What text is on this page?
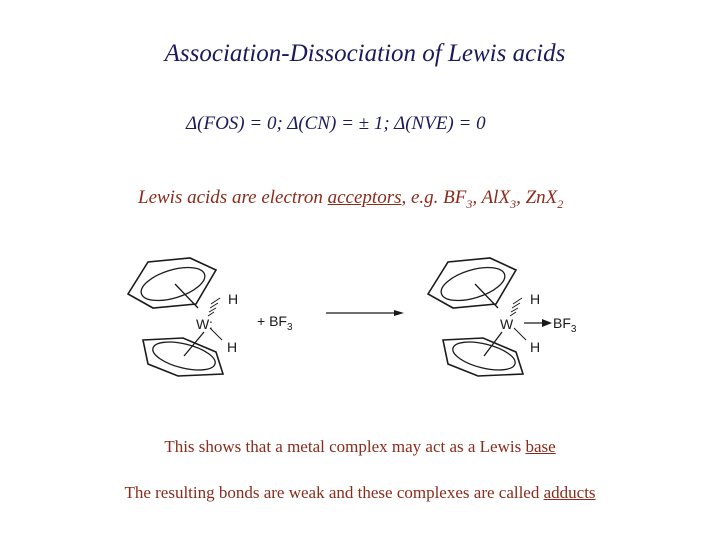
Association-Dissociation of Lewis acids
Δ(FOS) = 0; Δ(CN) = ± 1; Δ(NVE) = 0
Lewis acids are electron acceptors, e.g. $BF_3$, AlX$_3$, ZnX$_2$
H
W:
H
+ $BF_3$
H
W	$BF_3$
H
This shows that a metal complex may act as a Lewis base
The resulting bonds are weak and these complexes are called adducts
